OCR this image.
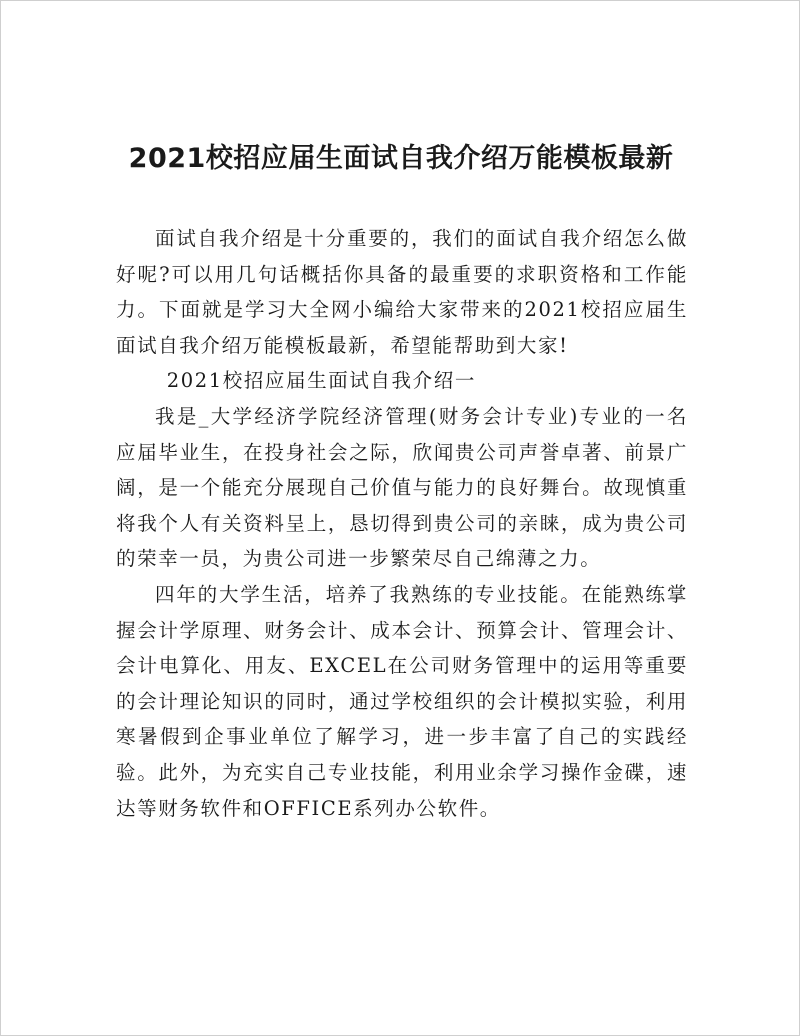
2021校招应届生面试自我介绍万能模板最新

面试自我介绍是十分重要的，我们的面试自我介绍怎么做好呢?可以用几句话概括你具备的最重要的求职资格和工作能力。下面就是学习大全网小编给大家带来的2021校招应届生面试自我介绍万能模板最新，希望能帮助到大家!

2021校招应届生面试自我介绍一

我是_大学经济学院经济管理(财务会计专业)专业的一名应届毕业生，在投身社会之际，欣闻贵公司声誉卓著、前景广阔，是一个能充分展现自己价值与能力的良好舞台。故现慎重将我个人有关资料呈上，恳切得到贵公司的亲睐，成为贵公司的荣幸一员，为贵公司进一步繁荣尽自己绵薄之力。

四年的大学生活，培养了我熟练的专业技能。在能熟练掌握会计学原理、财务会计、成本会计、预算会计、管理会计、会计电算化、用友、EXCEL在公司财务管理中的运用等重要的会计理论知识的同时，通过学校组织的会计模拟实验，利用寒暑假到企事业单位了解学习，进一步丰富了自己的实践经验。此外，为充实自己专业技能，利用业余学习操作金碟，速达等财务软件和OFFICE系列办公软件。
